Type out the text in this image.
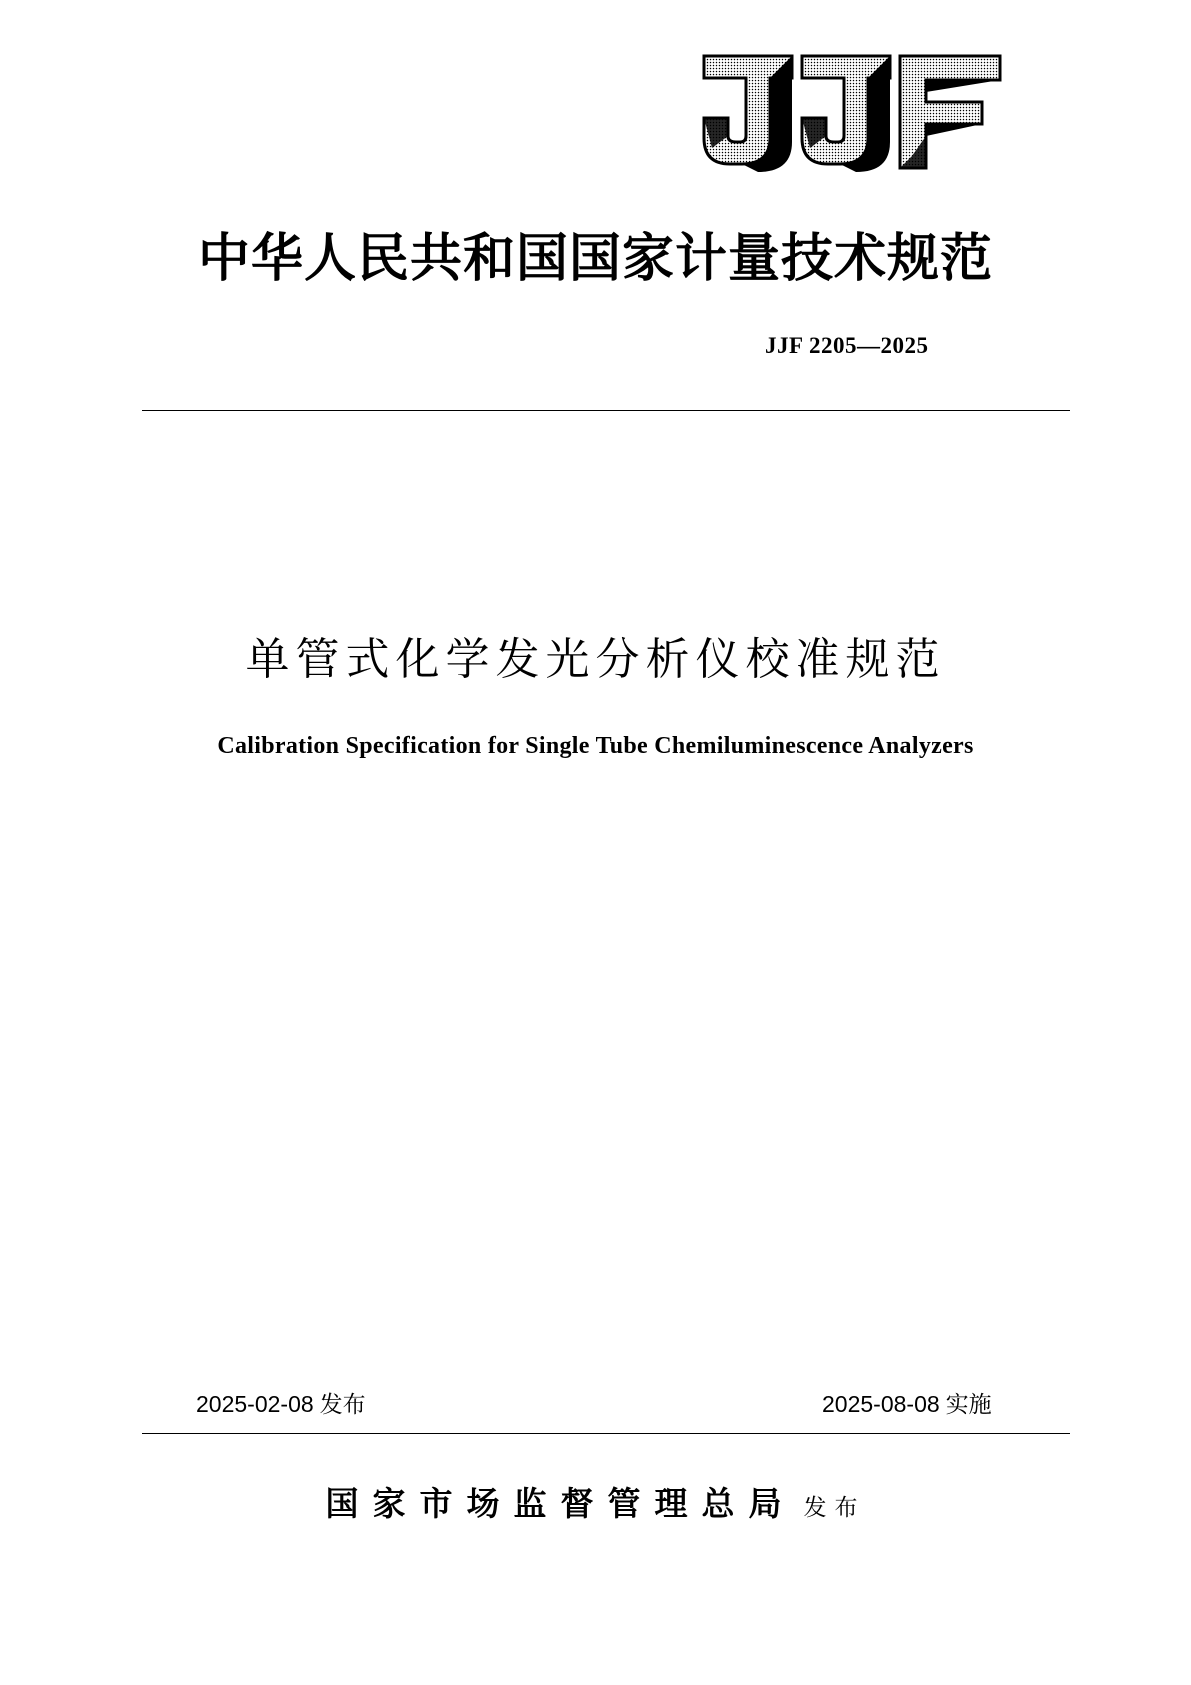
中华人民共和国国家计量技术规范
JJF 2205—2025
单管式化学发光分析仪校准规范
Calibration Specification for Single Tube Chemiluminescence Analyzers
2025-02-08 发布	2025-08-08 实施
国家市场监督管理总局 发布
